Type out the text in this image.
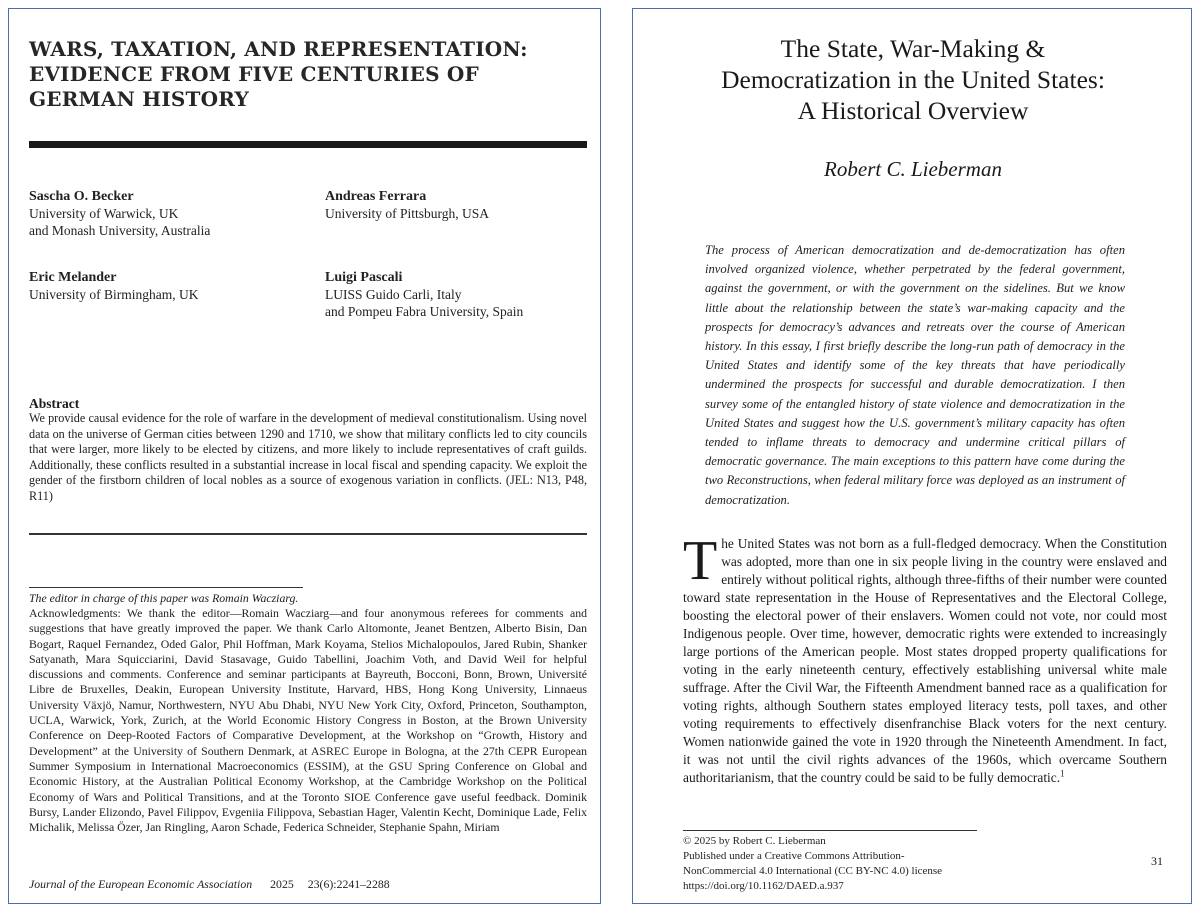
WARS, TAXATION, AND REPRESENTATION:
EVIDENCE FROM FIVE CENTURIES OF
GERMAN HISTORY
Sascha O. Becker
University of Warwick, UK
and Monash University, Australia
Andreas Ferrara
University of Pittsburgh, USA
Eric Melander
University of Birmingham, UK
Luigi Pascali
LUISS Guido Carli, Italy
and Pompeu Fabra University, Spain
Abstract
We provide causal evidence for the role of warfare in the development of medieval constitutionalism. Using novel data on the universe of German cities between 1290 and 1710, we show that military conflicts led to city councils that were larger, more likely to be elected by citizens, and more likely to include representatives of craft guilds. Additionally, these conflicts resulted in a substantial increase in local fiscal and spending capacity. We exploit the gender of the firstborn children of local nobles as a source of exogenous variation in conflicts. (JEL: N13, P48, R11)
The editor in charge of this paper was Romain Wacziarg.
Acknowledgments: We thank the editor—Romain Wacziarg—and four anonymous referees for comments and suggestions that have greatly improved the paper. We thank Carlo Altomonte, Jeanet Bentzen, Alberto Bisin, Dan Bogart, Raquel Fernandez, Oded Galor, Phil Hoffman, Mark Koyama, Stelios Michalopoulos, Jared Rubin, Shanker Satyanath, Mara Squicciarini, David Stasavage, Guido Tabellini, Joachim Voth, and David Weil for helpful discussions and comments. Conference and seminar participants at Bayreuth, Bocconi, Bonn, Brown, Université Libre de Bruxelles, Deakin, European University Institute, Harvard, HBS, Hong Kong University, Linnaeus University Växjö, Namur, Northwestern, NYU Abu Dhabi, NYU New York City, Oxford, Princeton, Southampton, UCLA, Warwick, York, Zurich, at the World Economic History Congress in Boston, at the Brown University Conference on Deep-Rooted Factors of Comparative Development, at the Workshop on “Growth, History and Development” at the University of Southern Denmark, at ASREC Europe in Bologna, at the 27th CEPR European Summer Symposium in International Macroeconomics (ESSIM), at the GSU Spring Conference on Global and Economic History, at the Australian Political Economy Workshop, at the Cambridge Workshop on the Political Economy of Wars and Political Transitions, and at the Toronto SIOE Conference gave useful feedback. Dominik Bursy, Lander Elizondo, Pavel Filippov, Evgeniia Filippova, Sebastian Hager, Valentin Kecht, Dominique Lade, Felix Michalik, Melissa Özer, Jan Ringling, Aaron Schade, Federica Schneider, Stephanie Spahn, Miriam
Journal of the European Economic Association 2025 23(6):2241–2288
The State, War-Making &
Democratization in the United States:
A Historical Overview
Robert C. Lieberman
The process of American democratization and de-democratization has often involved organized violence, whether perpetrated by the federal government, against the government, or with the government on the sidelines. But we know little about the relationship between the state’s war-making capacity and the prospects for democracy’s advances and retreats over the course of American history. In this essay, I first briefly describe the long-run path of democracy in the United States and identify some of the key threats that have periodically undermined the prospects for successful and durable democratization. I then survey some of the entangled history of state violence and democratization in the United States and suggest how the U.S. government’s military capacity has often tended to inflame threats to democracy and undermine critical pillars of democratic governance. The main exceptions to this pattern have come during the two Reconstructions, when federal military force was deployed as an instrument of democratization.
The United States was not born as a full-fledged democracy. When the Constitution was adopted, more than one in six people living in the country were enslaved and entirely without political rights, although three-fifths of their number were counted toward state representation in the House of Representatives and the Electoral College, boosting the electoral power of their enslavers. Women could not vote, nor could most Indigenous people. Over time, however, democratic rights were extended to increasingly large portions of the American people. Most states dropped property qualifications for voting in the early nineteenth century, effectively establishing universal white male suffrage. After the Civil War, the Fifteenth Amendment banned race as a qualification for voting rights, although Southern states employed literacy tests, poll taxes, and other voting requirements to effectively disenfranchise Black voters for the next century. Women nationwide gained the vote in 1920 through the Nineteenth Amendment. In fact, it was not until the civil rights advances of the 1960s, which overcame Southern authoritarianism, that the country could be said to be fully democratic.$^1$
© 2025 by Robert C. Lieberman
Published under a Creative Commons Attribution-
NonCommercial 4.0 International (CC BY-NC 4.0) license
https://doi.org/10.1162/DAED.a.937
31
